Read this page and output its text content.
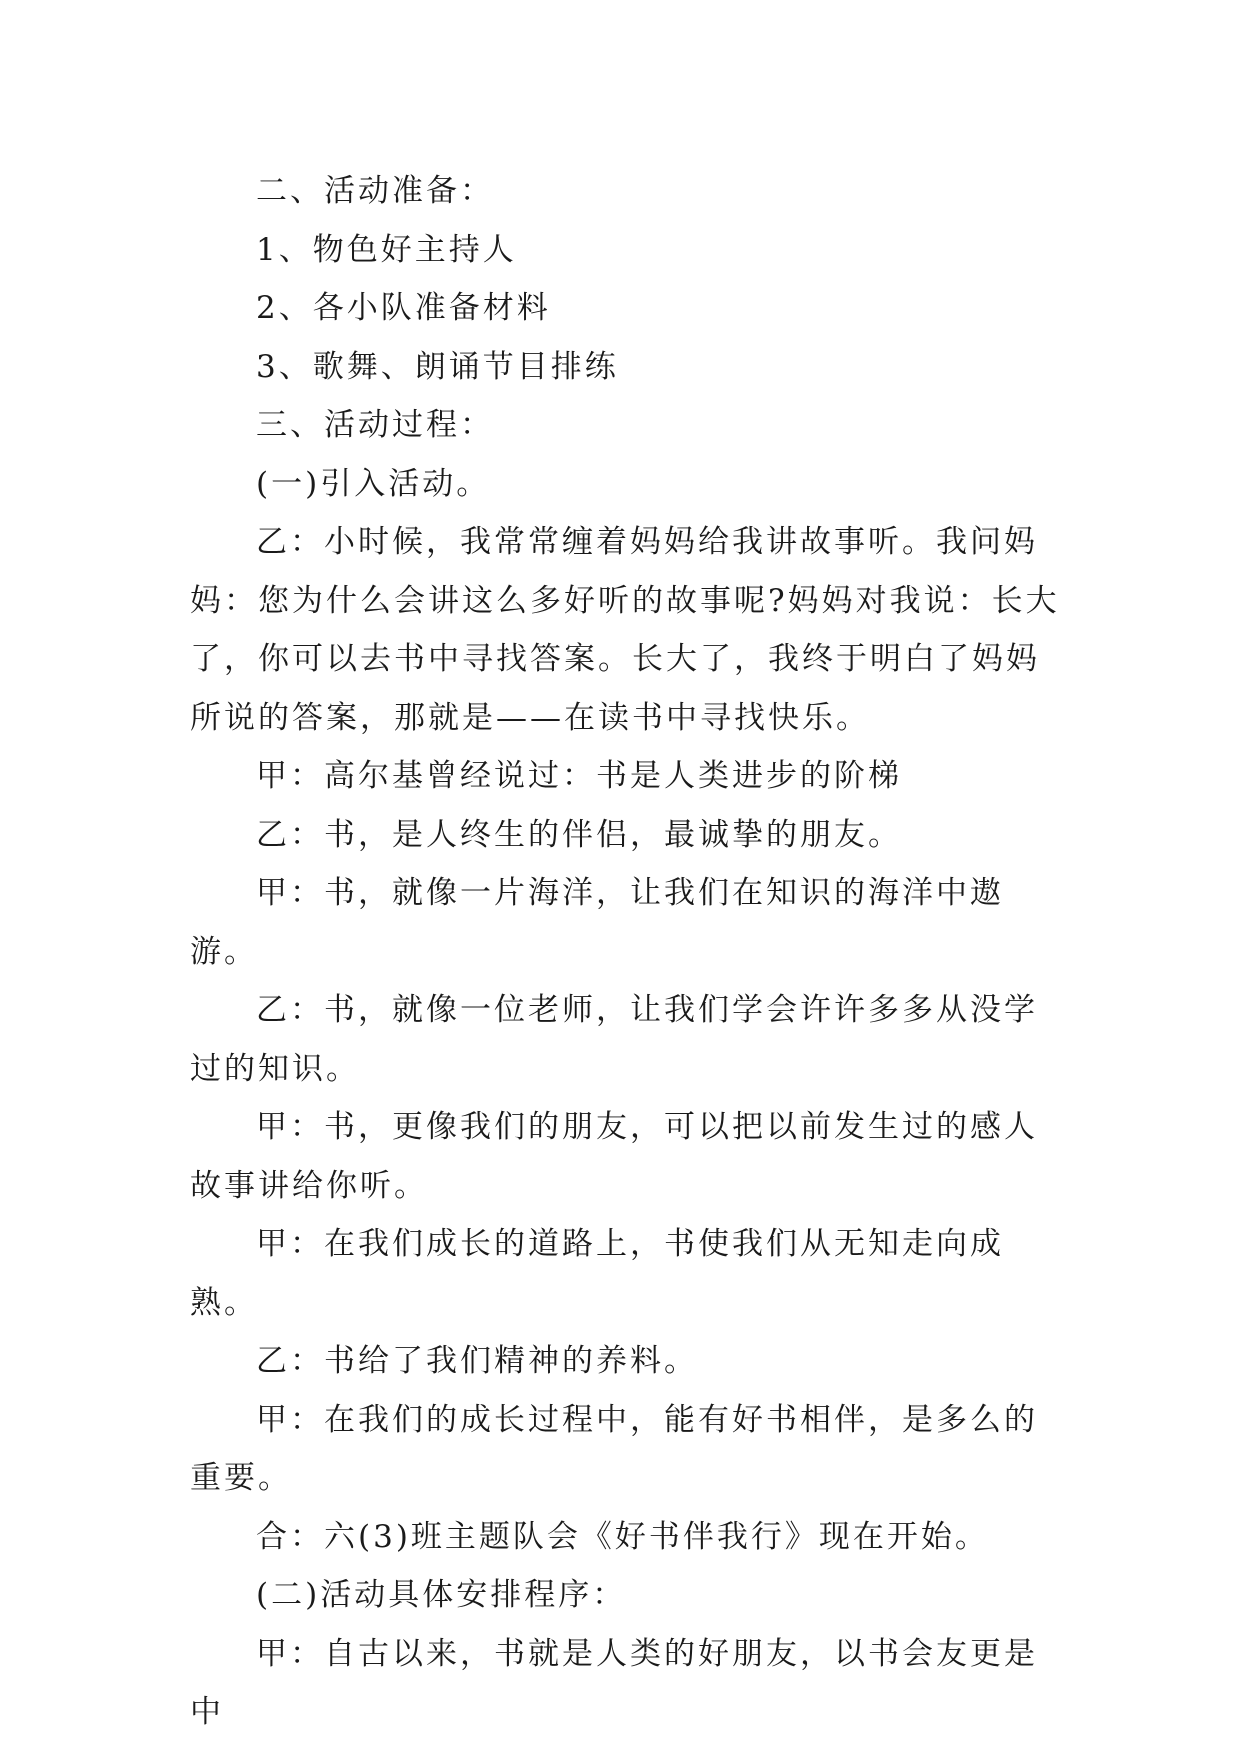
二、活动准备：

1、物色好主持人

2、各小队准备材料

3、歌舞、朗诵节目排练

三、活动过程：

(一)引入活动。

乙：小时候，我常常缠着妈妈给我讲故事听。我问妈妈：您为什么会讲这么多好听的故事呢?妈妈对我说：长大了，你可以去书中寻找答案。长大了，我终于明白了妈妈所说的答案，那就是——在读书中寻找快乐。

甲：高尔基曾经说过：书是人类进步的阶梯

乙：书，是人终生的伴侣，最诚挚的朋友。

甲：书，就像一片海洋，让我们在知识的海洋中遨游。

乙：书，就像一位老师，让我们学会许许多多从没学过的知识。

甲：书，更像我们的朋友，可以把以前发生过的感人故事讲给你听。

甲：在我们成长的道路上，书使我们从无知走向成熟。

乙：书给了我们精神的养料。

甲：在我们的成长过程中，能有好书相伴，是多么的重要。

合：六(3)班主题队会《好书伴我行》现在开始。

(二)活动具体安排程序：

甲：自古以来，书就是人类的好朋友，以书会友更是中
